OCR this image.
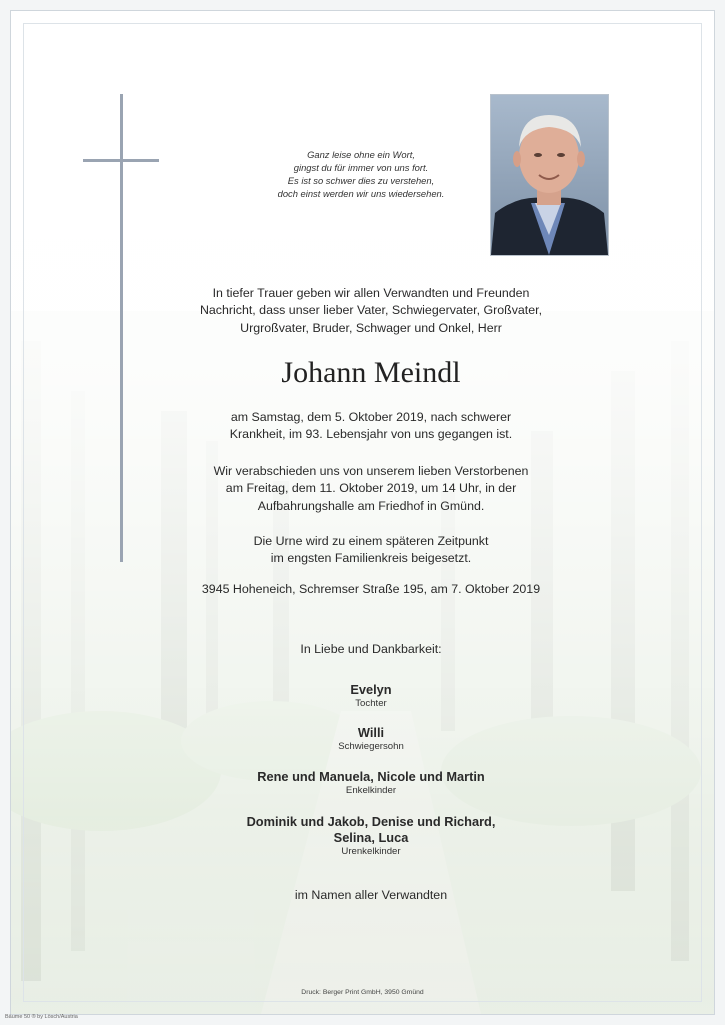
Ganz leise ohne ein Wort,
gingst du für immer von uns fort.
Es ist so schwer dies zu verstehen,
doch einst werden wir uns wiedersehen.
In tiefer Trauer geben wir allen Verwandten und Freunden
Nachricht, dass unser lieber Vater, Schwiegervater, Großvater,
Urgroßvater, Bruder, Schwager und Onkel, Herr
Johann Meindl
am Samstag, dem 5. Oktober 2019, nach schwerer
Krankheit, im 93. Lebensjahr von uns gegangen ist.
Wir verabschieden uns von unserem lieben Verstorbenen
am Freitag, dem 11. Oktober 2019, um 14 Uhr, in der
Aufbahrungshalle am Friedhof in Gmünd.
Die Urne wird zu einem späteren Zeitpunkt
im engsten Familienkreis beigesetzt.
3945 Hoheneich, Schremser Straße 195, am 7. Oktober 2019
In Liebe und Dankbarkeit:
Evelyn
Tochter
Willi
Schwiegersohn
Rene und Manuela, Nicole und Martin
Enkelkinder
Dominik und Jakob, Denise und Richard,
Selina, Luca
Urenkelkinder
im Namen aller Verwandten
Druck: Berger Print GmbH, 3950 Gmünd
Bäume 50 ® by Lösch/Austria
